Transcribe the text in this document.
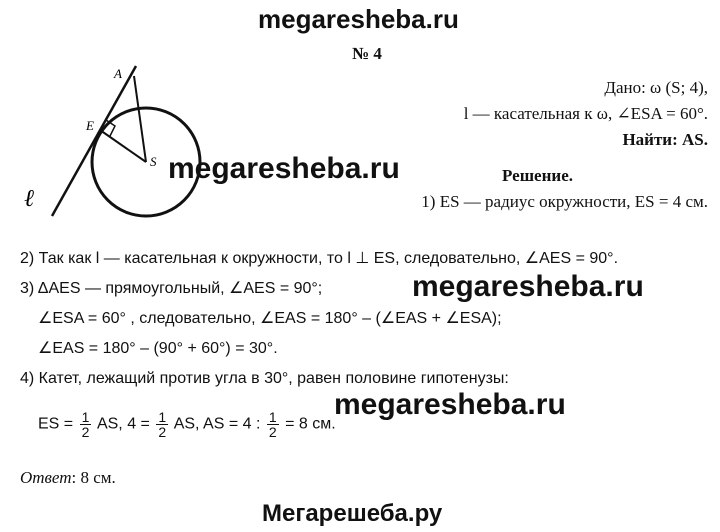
megaresheba.ru
№ 4
A
E
S
ℓ
Дано: ω (S; 4),
l — касательная к ω, ∠ESA = 60°.
Найти: AS.
megaresheba.ru	Решение.
1) ES — радиус окружности, ES = 4 см.
2) Так как l — касательная к окружности, то l ⊥ ES, следовательно, ∠AES = 90°.
3) ΔAES — прямоугольный, ∠AES = 90°;	megaresheba.ru
∠ESA = 60° , следовательно, ∠EAS = 180° – (∠EAS + ∠ESA);
∠EAS = 180° – (90° + 60°) = 30°.
4) Катет, лежащий против угла в 30°, равен половине гипотенузы:
megaresheba.ru
ES = $\frac{1}{2}$ AS, $4 = \frac{1}{2}$ AS, AS = 4 : $\frac{1}{2} = 8$ см.
Ответ: 8 см.
Мегарешеба.ру
